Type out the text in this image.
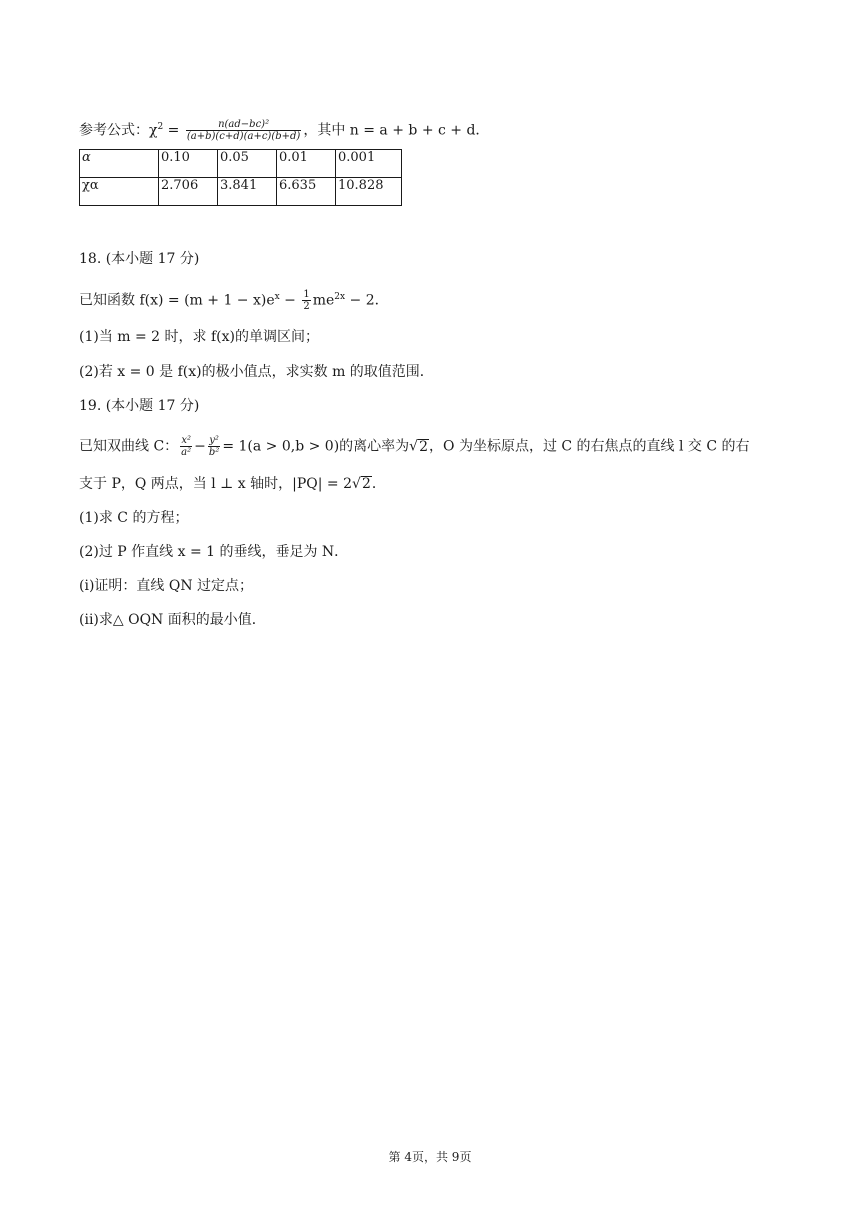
参考公式：$\chi^2 = \frac{\text{n(ad−bc)²}}{(a+b)(c+d)(a+c)(b+d)}$ ，其中 n = a + b + c + d．
α	0.10	0.05	0.01	0.001
χα	2.706	3.841	6.635	10.828
18. (本小题 17 分)
已知函数 $f(x) = (m + 1 - x)e^x - \frac{1}{2} me^{2x} - 2$．
(1)当 m = 2 时，求 f(x)的单调区间；
(2)若 x = 0 是 f(x)的极小值点，求实数 m 的取值范围．
19. (本小题 17 分)
已知双曲线 C： $\frac{\text{x²}}{\text{a²}} - \frac{\text{y²}}{\text{b²}} = 1(a > 0,b > 0)$的离心率为√2，O 为坐标原点，过 C 的右焦点的直线 l 交 C 的右
支于 P，Q 两点，当 l ⊥ x 轴时，|PQ| = 2√2．
(1)求 C 的方程；
(2)过 P 作直线 x = 1 的垂线，垂足为 N．
(i)证明：直线 QN 过定点；
(ii)求△ OQN 面积的最小值．
第 4页，共 9页
